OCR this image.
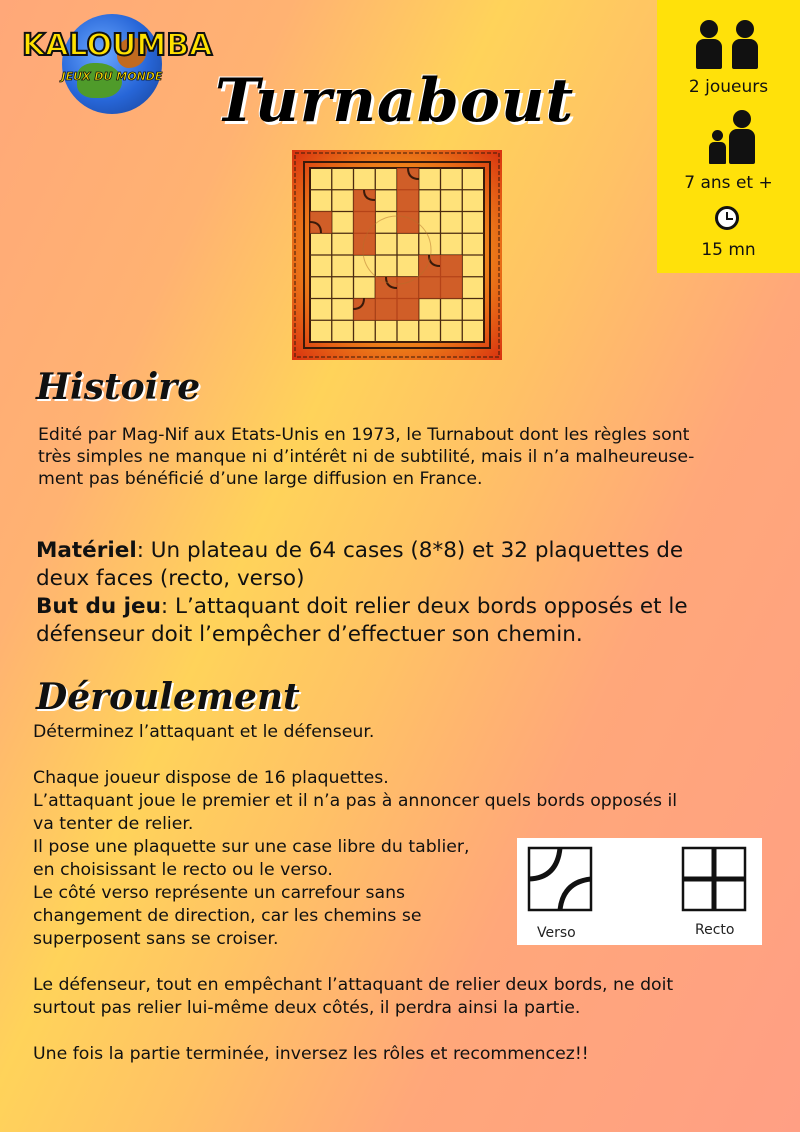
KALOUMBA
JEUX DU MONDE Turnabout	2 joueurs
7 ans et +
15 mn
Histoire
Edité par Mag-Nif aux Etats-Unis en 1973, le Turnabout dont les règles sont
très simples ne manque ni d’intérêt ni de subtilité, mais il n’a malheureuse-
ment pas bénéficié d’une large diffusion en France.
Matériel: Un plateau de 64 cases (8*8) et 32 plaquettes de
deux faces (recto, verso)
But du jeu: L’attaquant doit relier deux bords opposés et le
défenseur doit l’empêcher d’effectuer son chemin.
Déroulement
Déterminez l’attaquant et le défenseur.
Chaque joueur dispose de 16 plaquettes.
L’attaquant joue le premier et il n’a pas à annoncer quels bords opposés il
va tenter de relier.
Il pose une plaquette sur une case libre du tablier,
en choisissant le recto ou le verso.
Le côté verso représente un carrefour sans
changement de direction, car les chemins se
superposent sans se croiser.
Le défenseur, tout en empêchant l’attaquant de relier deux bords, ne doit
surtout pas relier lui-même deux côtés, il perdra ainsi la partie.
Une fois la partie terminée, inversez les rôles et recommencez!!
Verso	Recto
